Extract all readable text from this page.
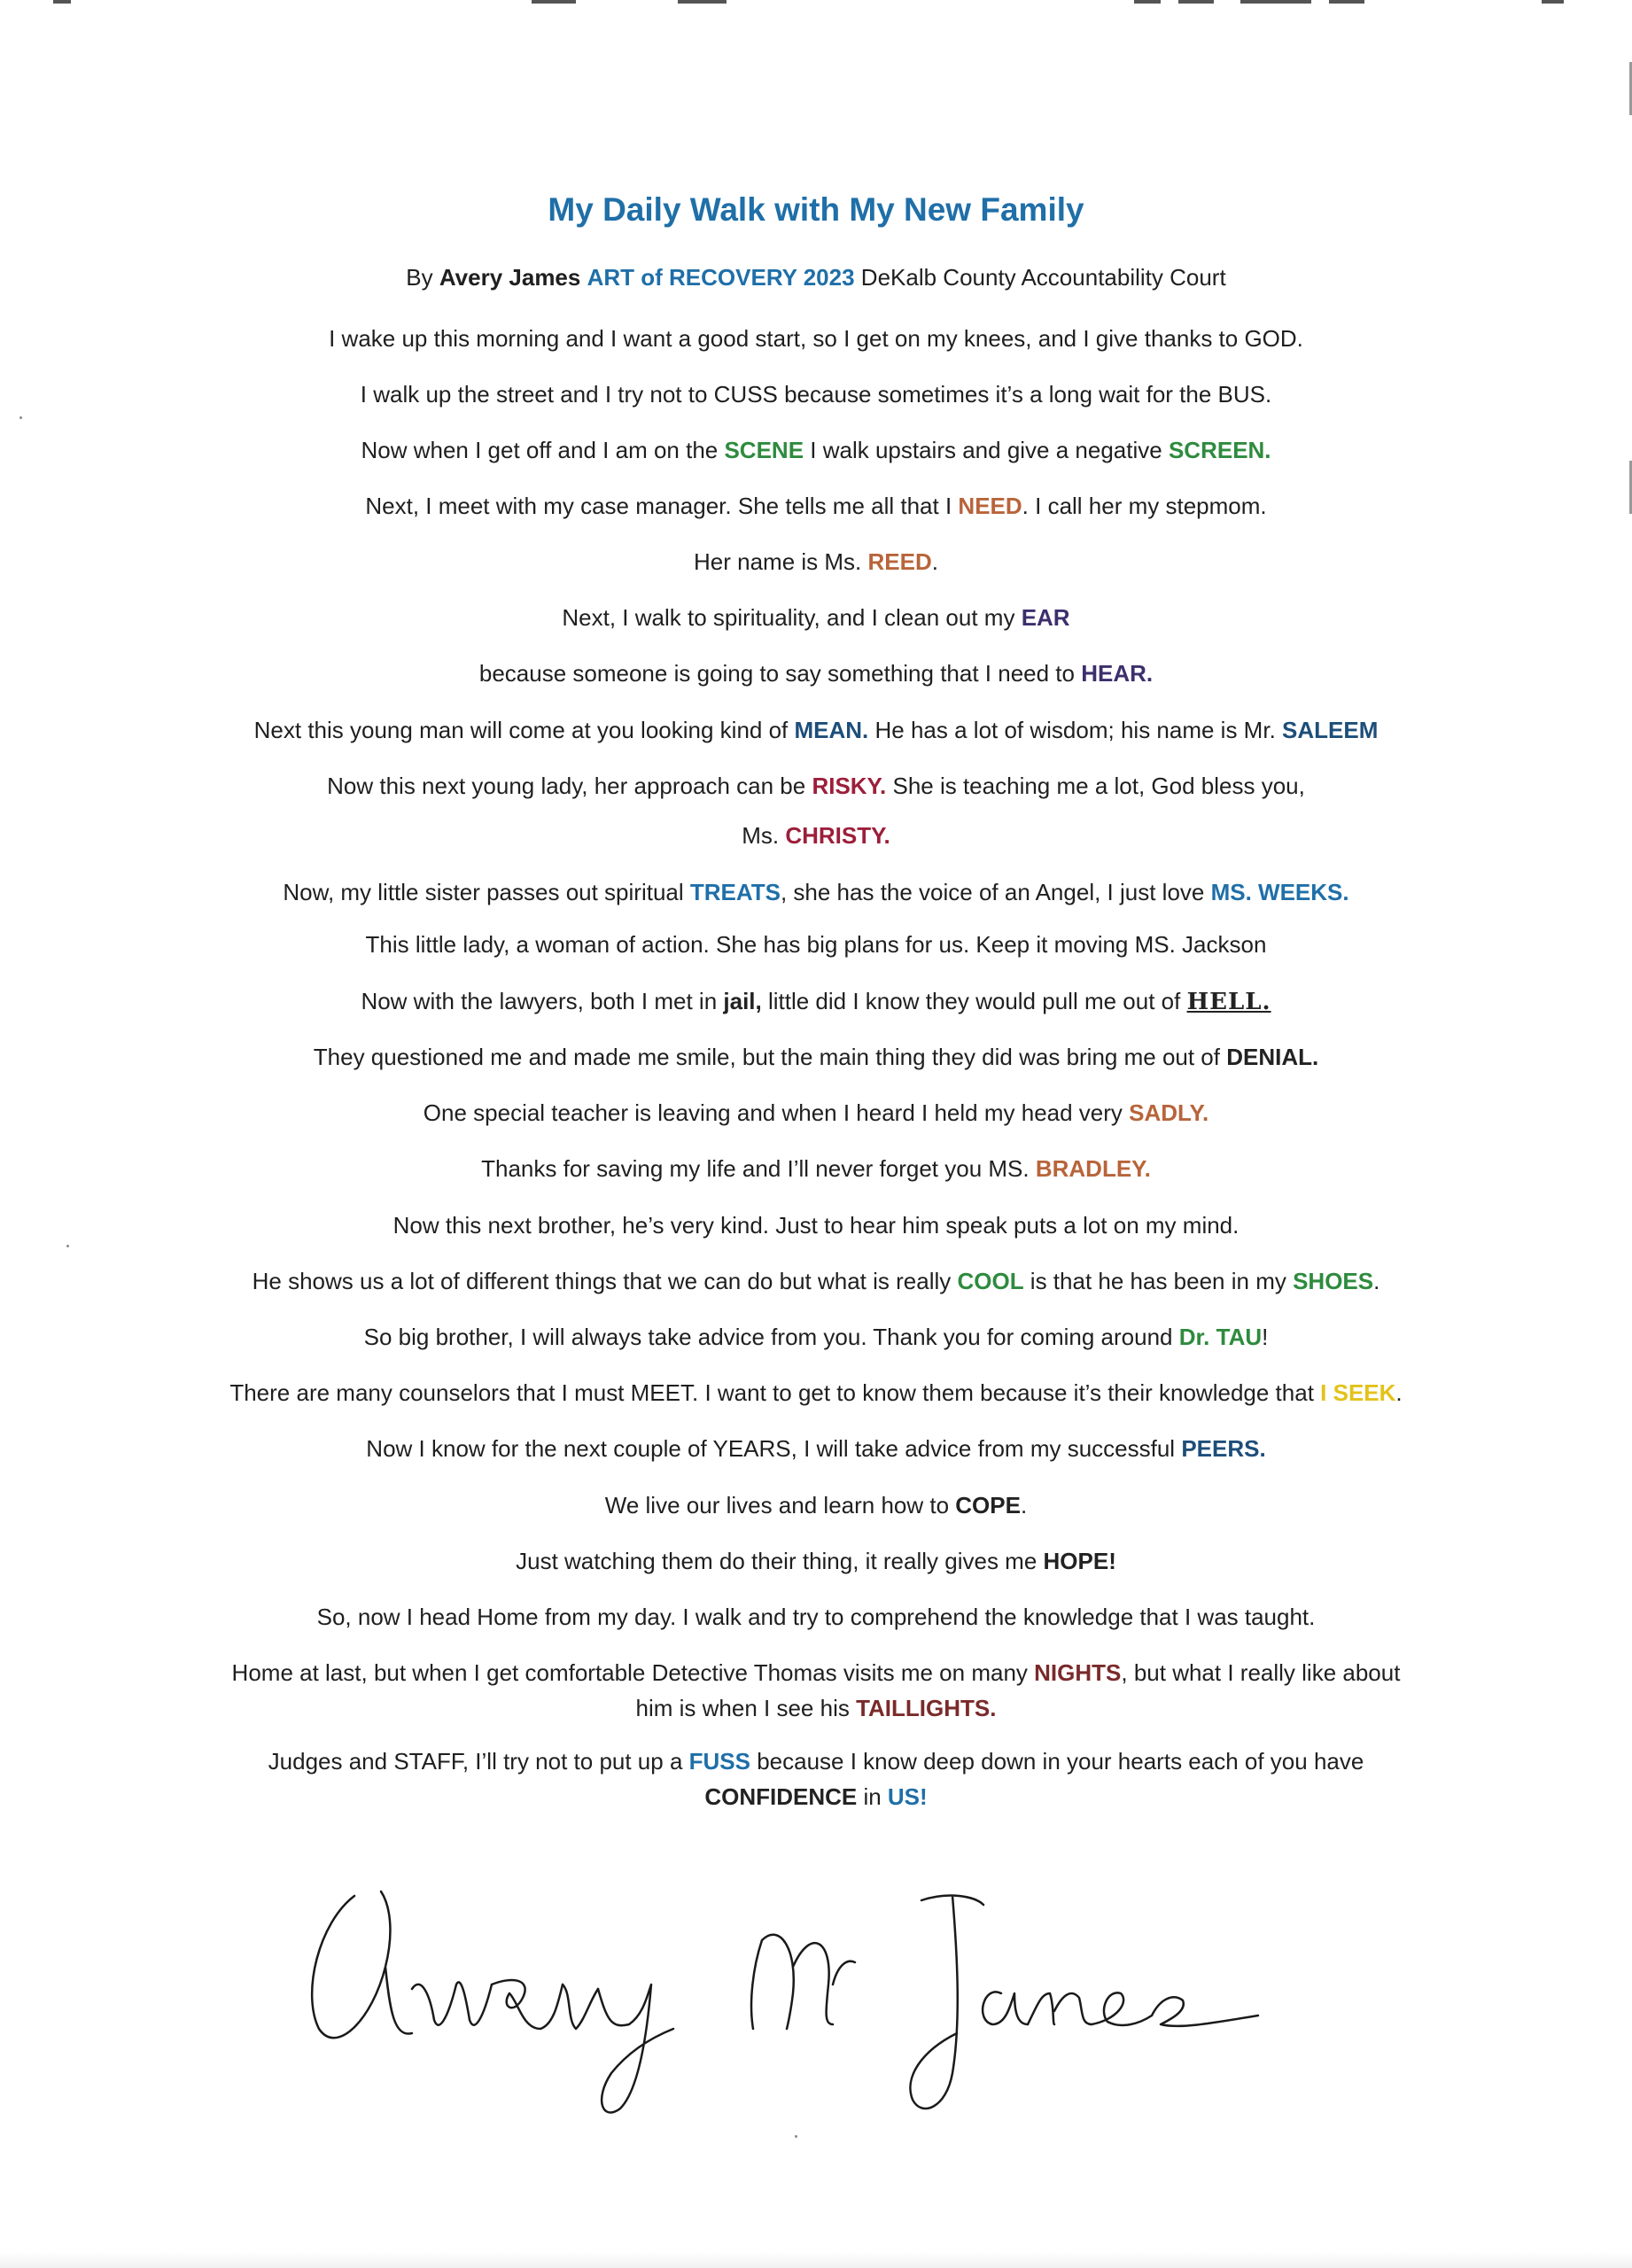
My Daily Walk with My New Family
By Avery James ART of RECOVERY 2023 DeKalb County Accountability Court
I wake up this morning and I want a good start, so I get on my knees, and I give thanks to GOD.
I walk up the street and I try not to CUSS because sometimes it’s a long wait for the BUS.
Now when I get off and I am on the SCENE I walk upstairs and give a negative SCREEN.
Next, I meet with my case manager. She tells me all that I NEED. I call her my stepmom.
Her name is Ms. REED.
Next, I walk to spirituality, and I clean out my EAR
because someone is going to say something that I need to HEAR.
Next this young man will come at you looking kind of MEAN. He has a lot of wisdom; his name is Mr. SALEEM
Now this next young lady, her approach can be RISKY. She is teaching me a lot, God bless you,
Ms. CHRISTY.
Now, my little sister passes out spiritual TREATS, she has the voice of an Angel, I just love MS. WEEKS.
This little lady, a woman of action. She has big plans for us. Keep it moving MS. Jackson
Now with the lawyers, both I met in jail, little did I know they would pull me out of HELL.
They questioned me and made me smile, but the main thing they did was bring me out of DENIAL.
One special teacher is leaving and when I heard I held my head very SADLY.
Thanks for saving my life and I’ll never forget you MS. BRADLEY.
Now this next brother, he’s very kind. Just to hear him speak puts a lot on my mind.
He shows us a lot of different things that we can do but what is really COOL is that he has been in my SHOES.
So big brother, I will always take advice from you. Thank you for coming around Dr. TAU!
There are many counselors that I must MEET. I want to get to know them because it’s their knowledge that I SEEK.
Now I know for the next couple of YEARS, I will take advice from my successful PEERS.
We live our lives and learn how to COPE.
Just watching them do their thing, it really gives me HOPE!
So, now I head Home from my day. I walk and try to comprehend the knowledge that I was taught.
Home at last, but when I get comfortable Detective Thomas visits me on many NIGHTS, but what I really like about him is when I see his TAILLIGHTS.
Judges and STAFF, I’ll try not to put up a FUSS because I know deep down in your hearts each of you have CONFIDENCE in US!
